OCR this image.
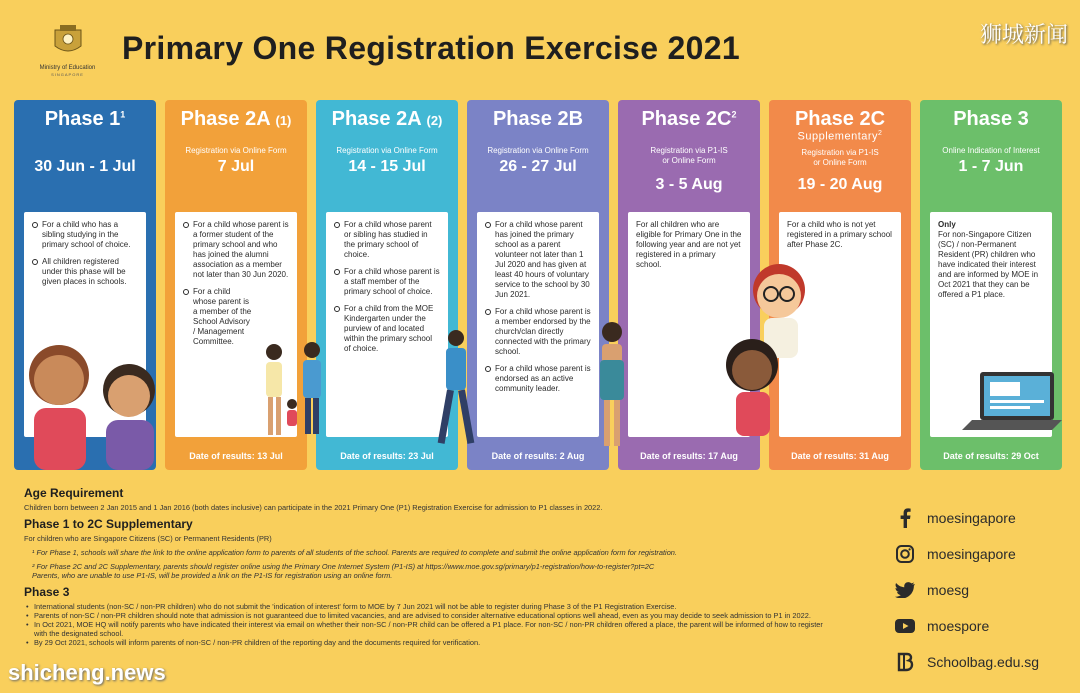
Ministry of Education
SINGAPORE
Primary One Registration Exercise 2021	狮城新闻
Phase $1^1$
30 Jun - 1 Jul
For a child who has a sibling studying in the primary school of choice.
All children registered under this phase will be given places in schools.
Phase 2A (1)
Registration via Online Form
7 Jul
For a child whose parent is a former student of the primary school and who has joined the alumni association as a member not later than 30 Jun 2020.
For a child whose parent is a member of the School Advisory / Management Committee.
Date of results: 13 Jul
Phase 2A (2)
Registration via Online Form
14 - 15 Jul
For a child whose parent or sibling has studied in the primary school of choice.
For a child whose parent is a staff member of the primary school of choice.
For a child from the MOE Kindergarten under the purview of and located within the primary school of choice.
Date of results: 23 Jul
Phase 2B
Registration via Online Form
26 - 27 Jul
For a child whose parent has joined the primary school as a parent volunteer not later than 1 Jul 2020 and has given at least 40 hours of voluntary service to the school by 30 Jun 2021.
For a child whose parent is a member endorsed by the church/clan directly connected with the primary school.
For a child whose parent is endorsed as an active community leader.
Date of results: 2 Aug
Phase $2C^2$
Registration via P1-IS or Online Form
3 - 5 Aug

For all children who are eligible for Primary One in the following year and are not yet registered in a primary school.

Date of results: 17 Aug
Phase 2C
Supplementary$^2$
Registration via P1-IS or Online Form
19 - 20 Aug

For a child who is not yet registered in a primary school after Phase 2C.

Date of results: 31 Aug
Phase 3
Online Indication of Interest
1 - 7 Jun

Only

For non-Singapore Citizen (SC) / non-Permanent Resident (PR) children who have indicated their interest and are informed by MOE in Oct 2021 that they can be offered a P1 place.

Date of results: 29 Oct
Age Requirement

Children born between 2 Jan 2015 and 1 Jan 2016 (both dates inclusive) can participate in the 2021 Primary One (P1) Registration Exercise for admission to P1 classes in 2022.

Phase 1 to 2C Supplementary

For children who are Singapore Citizens (SC) or Permanent Residents (PR)

¹ For Phase 1, schools will share the link to the online application form to parents of all students of the school. Parents are required to complete and submit the online application form for registration.

² For Phase 2C and 2C Supplementary, parents should register online using the Primary One Internet System (P1-IS) at https://www.moe.gov.sg/primary/p1-registration/how-to-register?pt=2C

Parents, who are unable to use P1-IS, will be provided a link on the P1-IS for registration using an online form.

Phase 3

• International students (non-SC / non-PR children) who do not submit the 'indication of interest' form to MOE by 7 Jun 2021 will not be able to register during Phase 3 of the P1 Registration Exercise.

• Parents of non-SC / non-PR children should note that admission is not guaranteed due to limited vacancies, and are advised to consider alternative educational options well ahead, even as you may decide to seek admission to P1 in 2022.

• In Oct 2021, MOE HQ will notify parents who have indicated their interest via email on whether their non-SC / non-PR child can be offered a P1 place. For non-SC / non-PR children offered a place, the parent will be informed of how to register with the designated school.

• By 29 Oct 2021, schools will inform parents of non-SC / non-PR children of the reporting day and the documents required for verification.

moesingapore
moesingapore
moesg
moespore
Schoolbag.edu.sg
shicheng.news
